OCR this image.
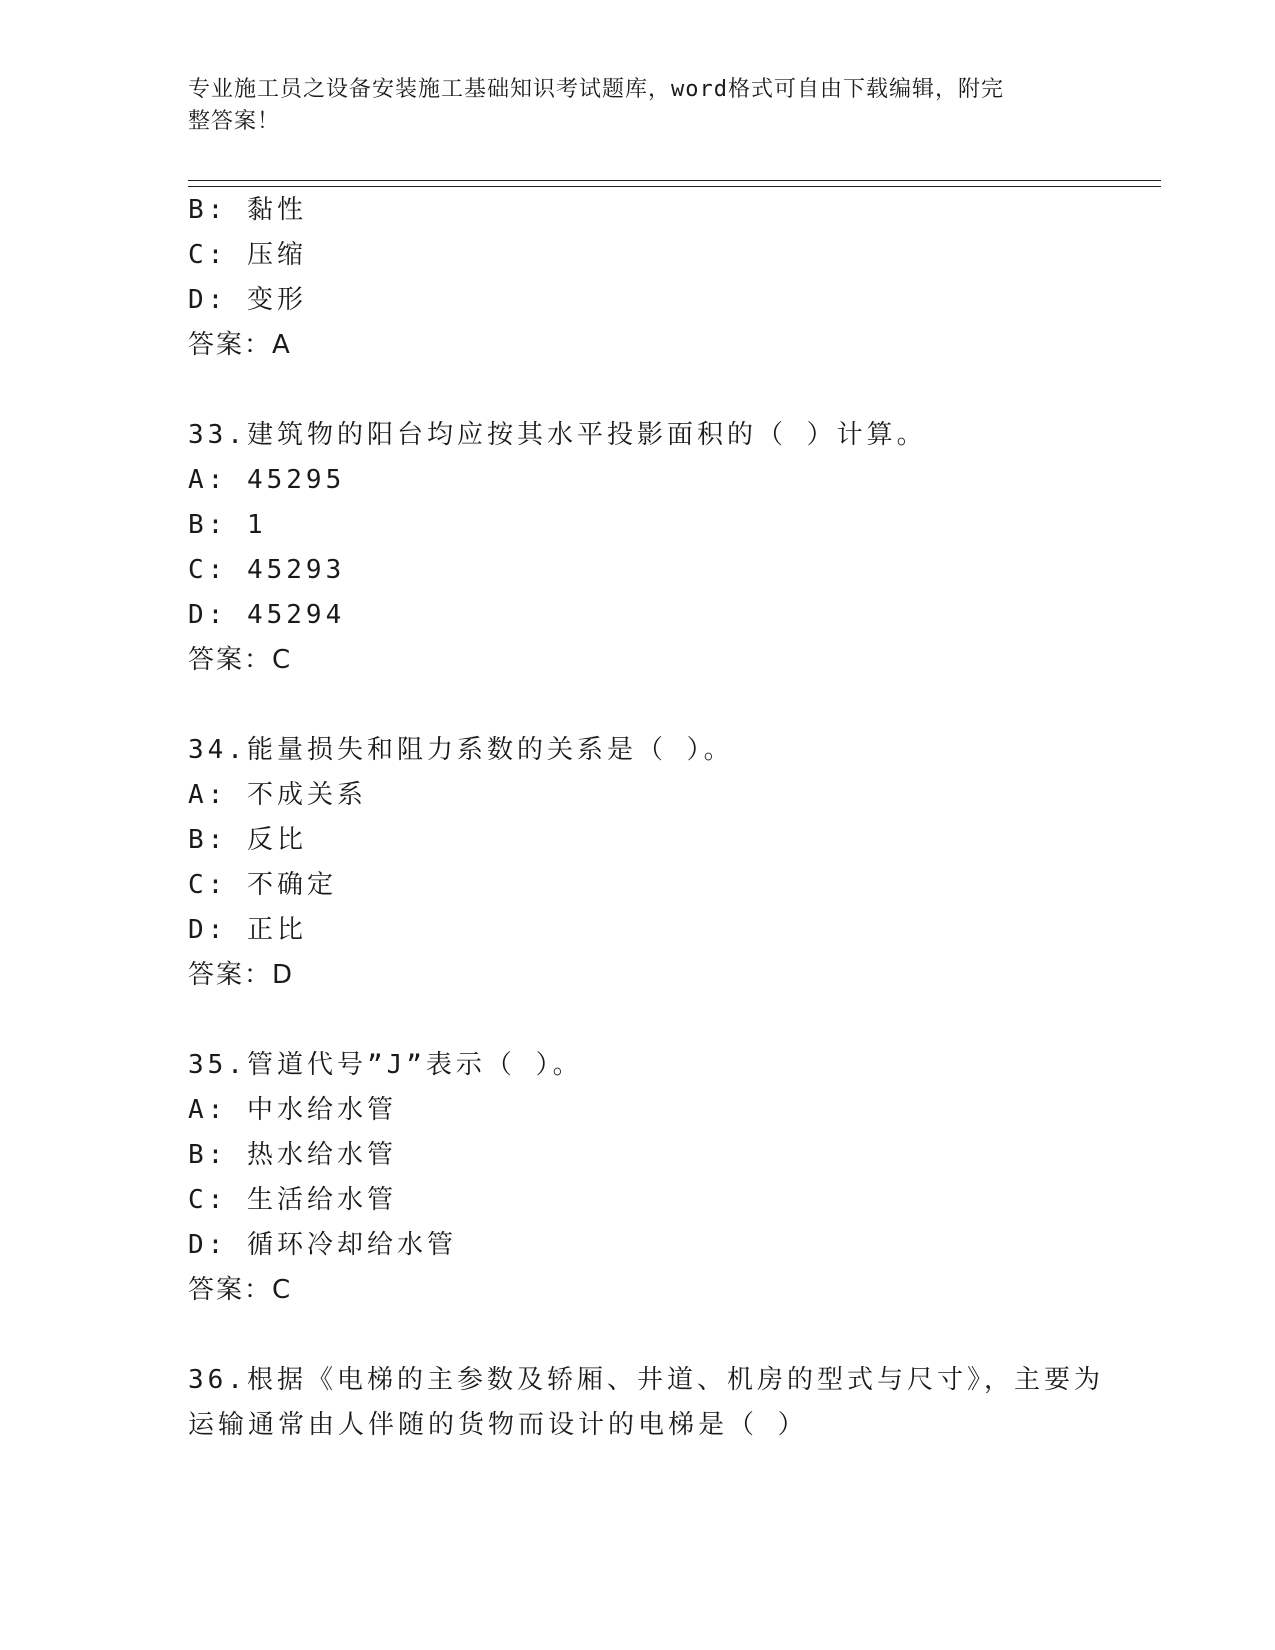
专业施工员之设备安装施工基础知识考试题库，word格式可自由下载编辑，附完
整答案！
B: 黏性
C: 压缩
D: 变形
答案：A
33.建筑物的阳台均应按其水平投影面积的（ ）计算。
A: 45295
B: 1
C: 45293
D: 45294
答案：C
34.能量损失和阻力系数的关系是（ ）。
A: 不成关系
B: 反比
C: 不确定
D: 正比
答案：D
35.管道代号”J”表示（ ）。
A: 中水给水管
B: 热水给水管
C: 生活给水管
D: 循环冷却给水管
答案：C
36.根据《电梯的主参数及轿厢、井道、机房的型式与尺寸》，主要为
运输通常由人伴随的货物而设计的电梯是（ ）
